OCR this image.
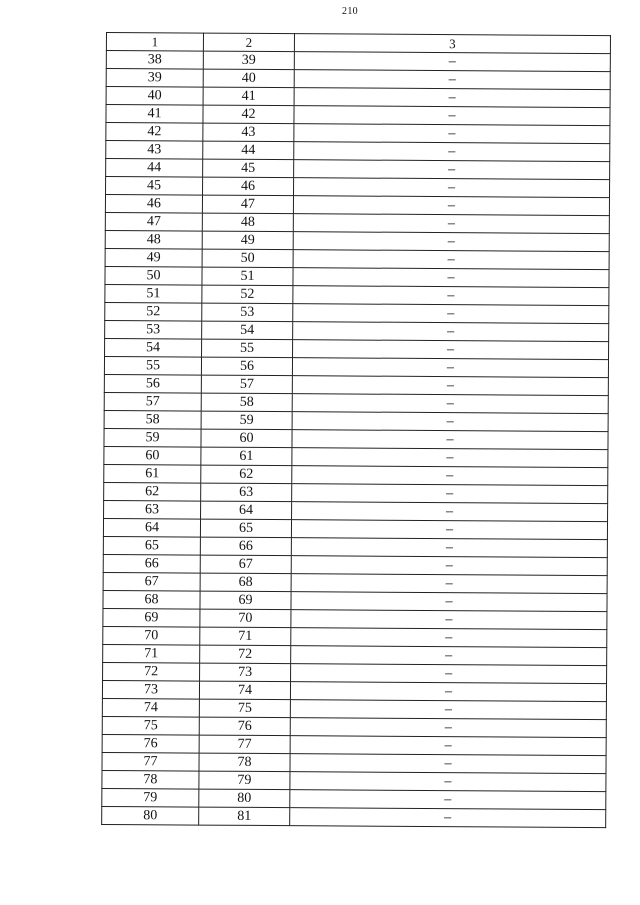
210
1	2	3
38	39	–
39	40	–
40	41	–
41	42	–
42	43	–
43	44	–
44	45	–
45	46	–
46	47	–
47	48	–
48	49	–
49	50	–
50	51	–
51	52	–
52	53	–
53	54	–
54	55	–
55	56	–
56	57	–
57	58	–
58	59	–
59	60	–
60	61	–
61	62	–
62	63	–
63	64	–
64	65	–
65	66	–
66	67	–
67	68	–
68	69	–
69	70	–
70	71	–
71	72	–
72	73	–
73	74	–
74	75	–
75	76	–
76	77	–
77	78	–
78	79	–
79	80	–
80	81	–
